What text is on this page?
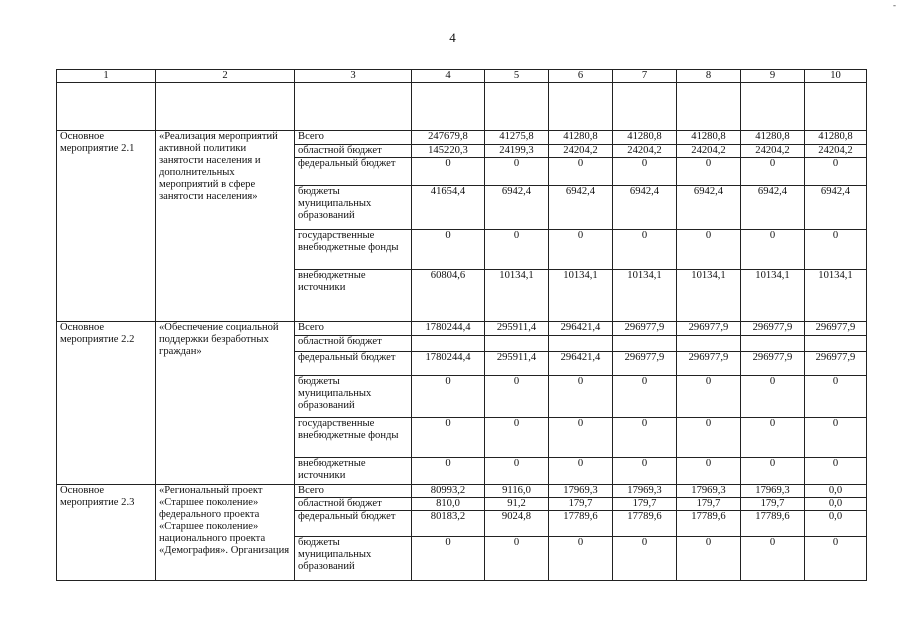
4
1	2	3	4	5	6	7	8	9	10

Основное мероприятие 2.1	«Реализация мероприятий активной политики занятости населения и дополнительных мероприятий в сфере занятости населения»	Всего	247679,8	41275,8	41280,8	41280,8	41280,8	41280,8	41280,8
		областной бюджет	145220,3	24199,3	24204,2	24204,2	24204,2	24204,2	24204,2
		федеральный бюджет	0	0	0	0	0	0	0
		бюджеты муниципальных образований	41654,4	6942,4	6942,4	6942,4	6942,4	6942,4	6942,4
		государственные внебюджетные фонды	0	0	0	0	0	0	0
		внебюджетные источники	60804,6	10134,1	10134,1	10134,1	10134,1	10134,1	10134,1
Основное мероприятие 2.2	«Обеспечение социальной поддержки безработных граждан»	Всего	1780244,4	295911,4	296421,4	296977,9	296977,9	296977,9	296977,9
		областной бюджет							
		федеральный бюджет	1780244,4	295911,4	296421,4	296977,9	296977,9	296977,9	296977,9
		бюджеты муниципальных образований	0	0	0	0	0	0	0
		государственные внебюджетные фонды	0	0	0	0	0	0	0
		внебюджетные источники	0	0	0	0	0	0	0
Основное мероприятие 2.3	«Региональный проект «Старшее поколение» федерального проекта «Старшее поколение» национального проекта «Демография». Организация	Всего	80993,2	9116,0	17969,3	17969,3	17969,3	17969,3	0,0
		областной бюджет	810,0	91,2	179,7	179,7	179,7	179,7	0,0
		федеральный бюджет	80183,2	9024,8	17789,6	17789,6	17789,6	17789,6	0,0
		бюджеты муниципальных образований	0	0	0	0	0	0	0
-
